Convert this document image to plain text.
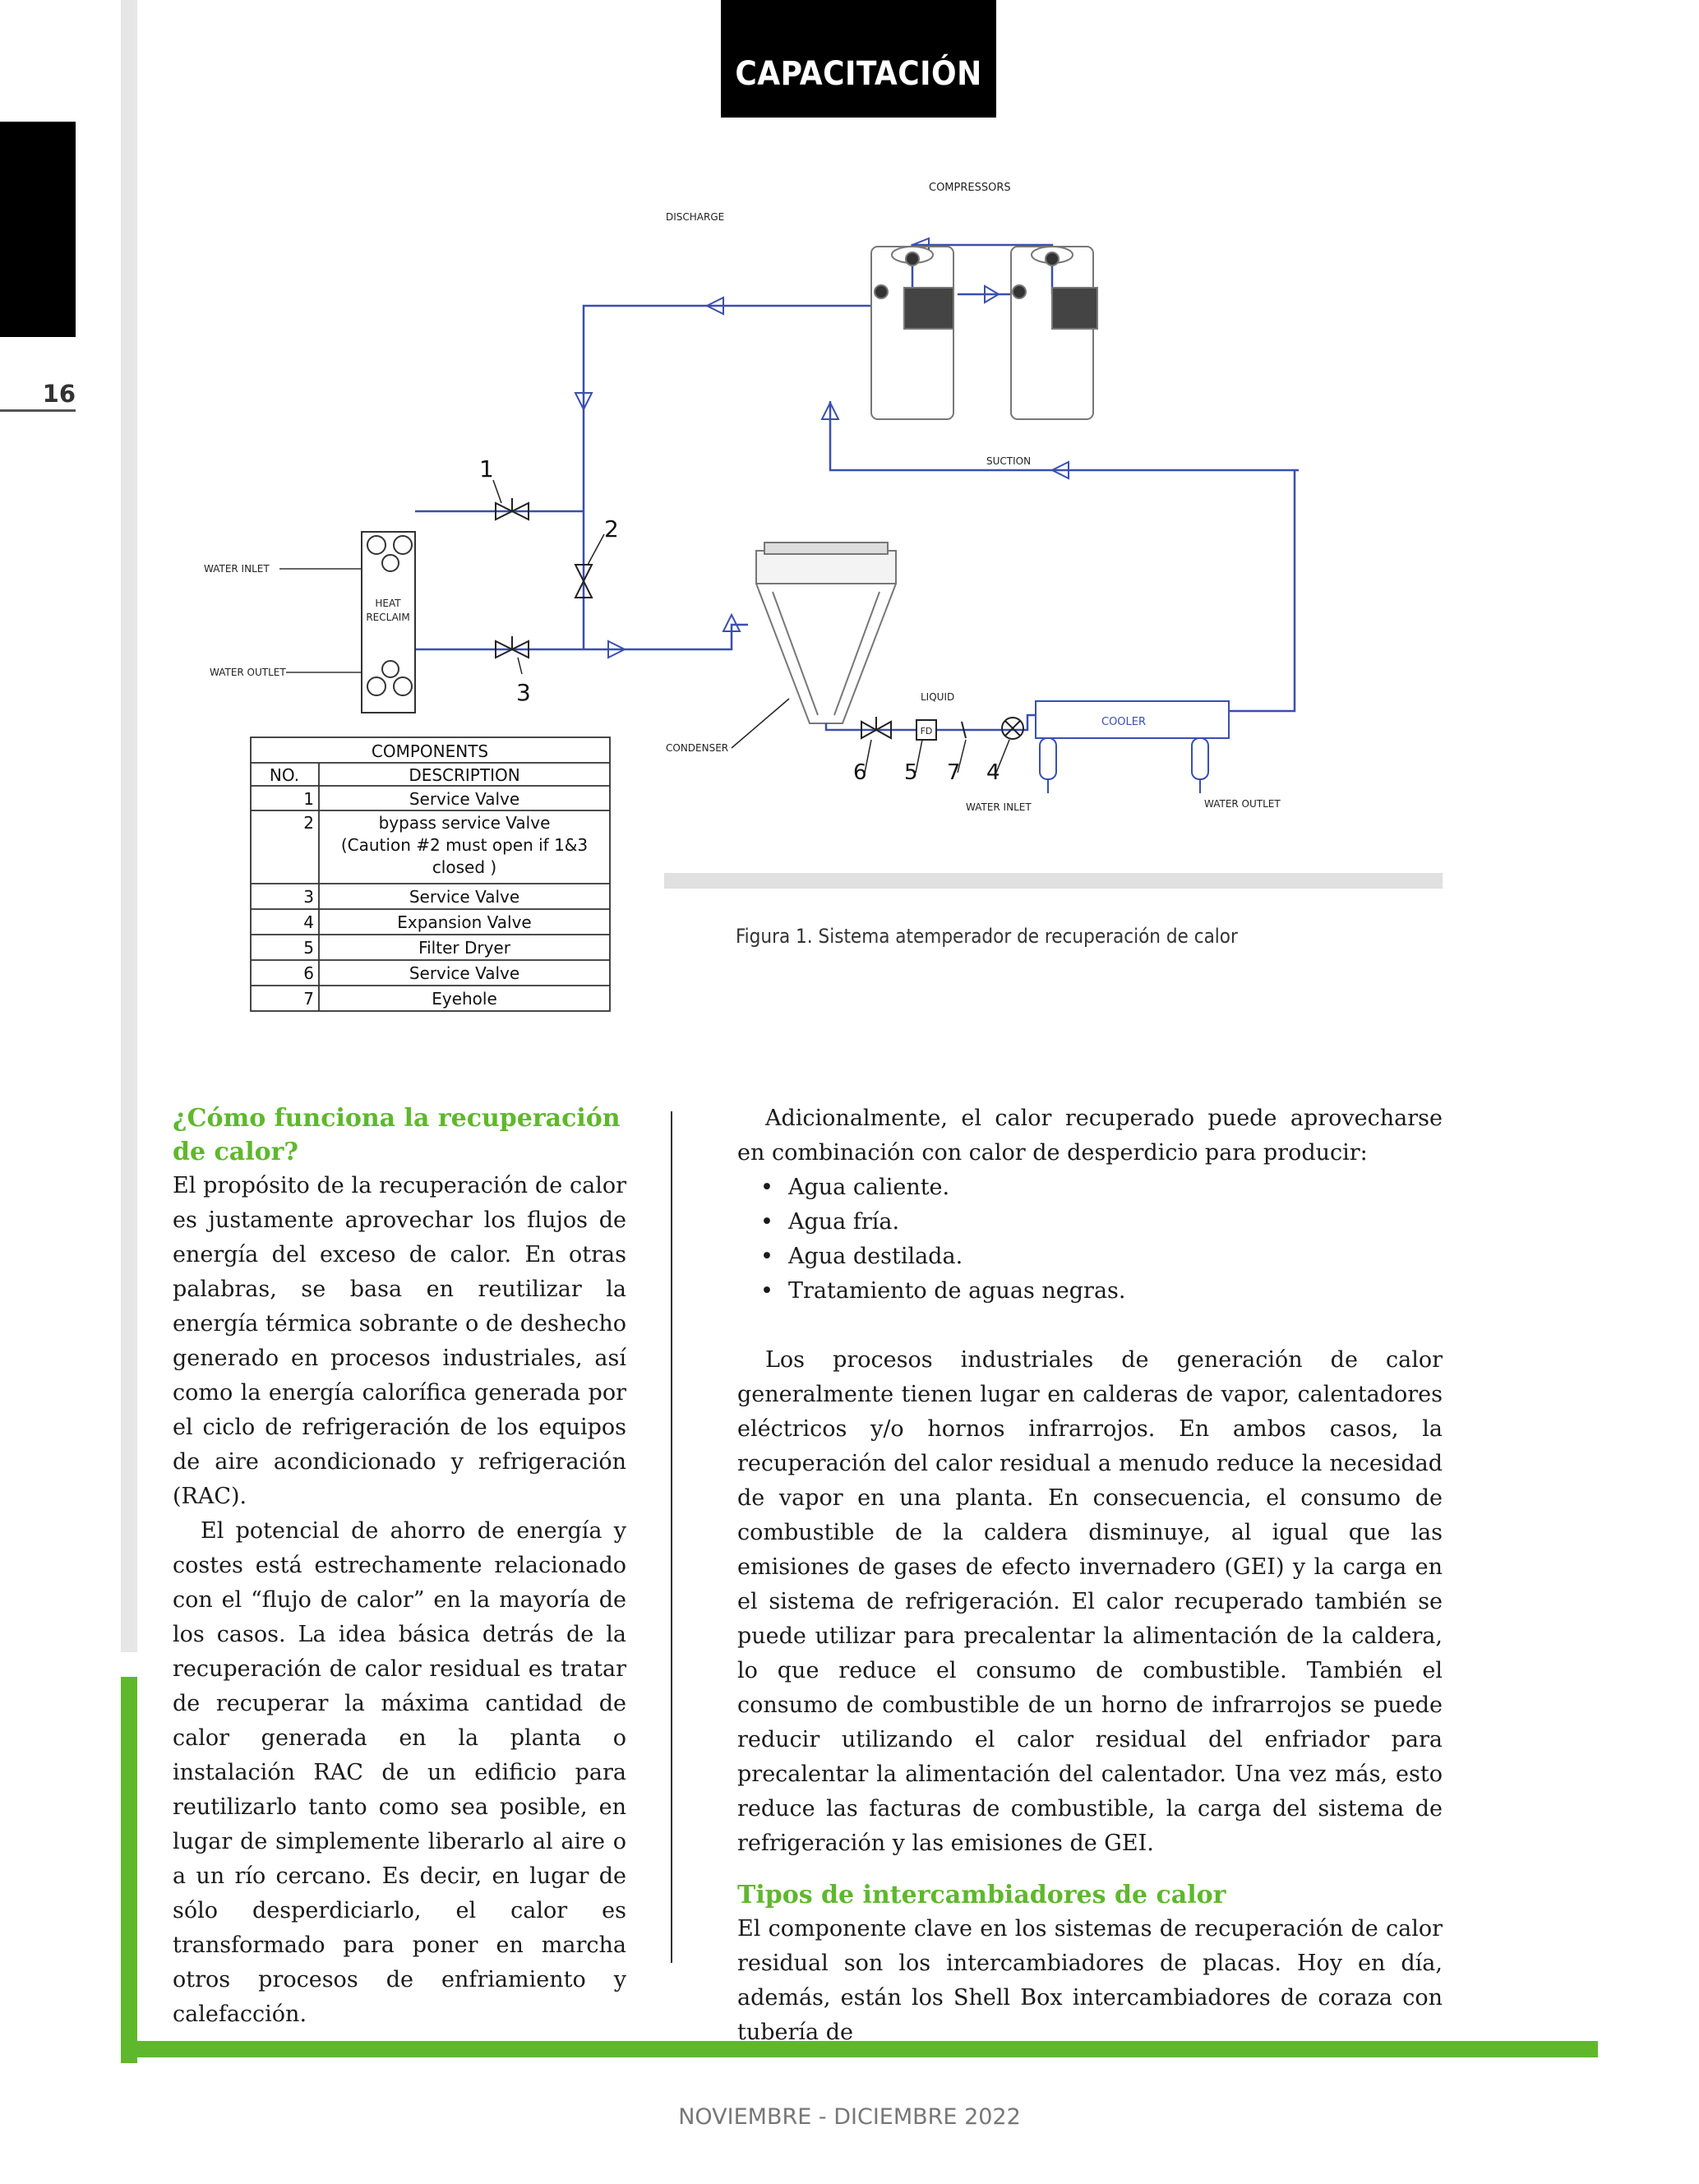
16
CAPACITACIÓN
COMPRESSORS
DISCHARGE
SUCTION
WATER INLET
WATER OUTLET
HEAT
RECLAIM
1
2
3
CONDENSER
FD
LIQUID
6 5 7 4
COOLER
WATER INLET	WATER OUTLET
COMPONENTS
NO.	DESCRIPTION
1	Service Valve
2	bypass service Valve
(Caution #2 must open if 1&3
closed )
3	Service Valve
4	Expansion Valve
5	Filter Dryer
6	Service Valve
7	Eyehole
Figura 1. Sistema atemperador de recuperación de calor
¿Cómo funciona la recuperación de calor?

El propósito de la recuperación de calor es justamente aprovechar los flujos de energía del exceso de calor. En otras palabras, se basa en reutilizar la energía térmica sobrante o de deshecho generado en procesos industriales, así como la energía calorífica generada por el ciclo de refrigeración de los equipos de aire acondicionado y refrigeración (RAC).

El potencial de ahorro de energía y costes está estrechamente relacionado con el “flujo de calor” en la mayoría de los casos. La idea básica detrás de la recuperación de calor residual es tratar de recuperar la máxima cantidad de calor generada en la planta o instalación RAC de un edificio para reutilizarlo tanto como sea posible, en lugar de simplemente liberarlo al aire o a un río cercano. Es decir, en lugar de sólo desperdiciarlo, el calor es transformado para poner en marcha otros procesos de enfriamiento y calefacción.

Adicionalmente, el calor recuperado puede aprovecharse en combinación con calor de desperdicio para producir:

• Agua caliente.
• Agua fría.
• Agua destilada.
• Tratamiento de aguas negras.

Los procesos industriales de generación de calor generalmente tienen lugar en calderas de vapor, calentadores eléctricos y/o hornos infrarrojos. En ambos casos, la recuperación del calor residual a menudo reduce la necesidad de vapor en una planta. En consecuencia, el consumo de combustible de la caldera disminuye, al igual que las emisiones de gases de efecto invernadero (GEI) y la carga en el sistema de refrigeración. El calor recuperado también se puede utilizar para precalentar la alimentación de la caldera, lo que reduce el consumo de combustible. También el consumo de combustible de un horno de infrarrojos se puede reducir utilizando el calor residual del enfriador para precalentar la alimentación del calentador. Una vez más, esto reduce las facturas de combustible, la carga del sistema de refrigeración y las emisiones de GEI.

Tipos de intercambiadores de calor

El componente clave en los sistemas de recuperación de calor residual son los intercambiadores de placas. Hoy en día, además, están los Shell Box intercambiadores de coraza con tubería de

NOVIEMBRE - DICIEMBRE 2022
